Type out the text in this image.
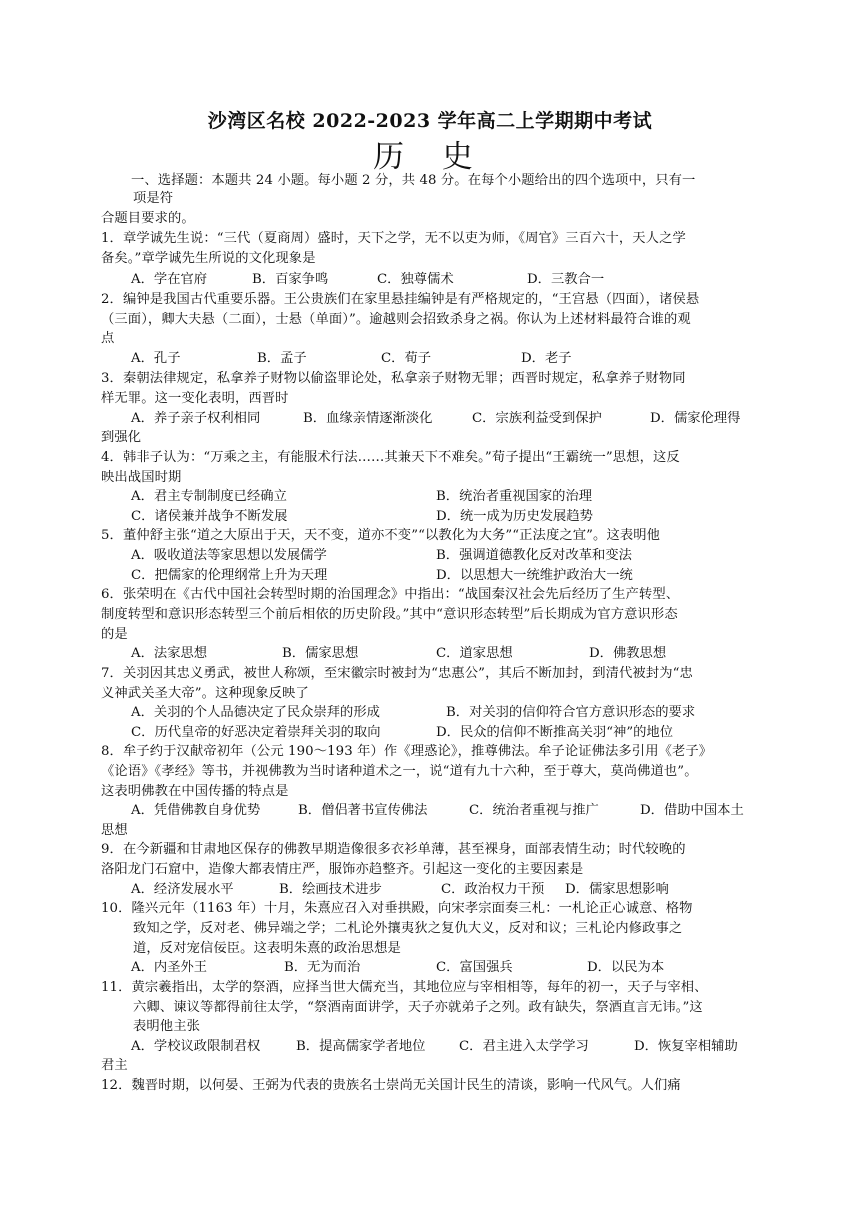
沙湾区名校 2022-2023 学年高二上学期期中考试
历 史
一、选择题：本题共 24 小题。每小题 2 分，共 48 分。在每个小题给出的四个选项中，只有一
项是符
合题目要求的。
1．章学诚先生说：“三代（夏商周）盛时，天下之学，无不以吏为师，《周官》三百六十，天人之学
备矣。”章学诚先生所说的文化现象是
A．学在官府	B．百家争鸣	C．独尊儒术	D．三教合一
2．编钟是我国古代重要乐器。王公贵族们在家里悬挂编钟是有严格规定的，“王宫悬（四面），诸侯悬
（三面），卿大夫悬（二面），士悬（单面）”。逾越则会招致杀身之祸。你认为上述材料最符合谁的观
点
A．孔子	B．孟子	C．荀子	D．老子
3．秦朝法律规定，私拿养子财物以偷盗罪论处，私拿亲子财物无罪；西晋时规定，私拿养子财物同
样无罪。这一变化表明，西晋时
A．养子亲子权利相同	B．血缘亲情逐渐淡化	C．宗族利益受到保护	D．儒家伦理得
到强化
4．韩非子认为：“万乘之主，有能服术行法……其兼天下不难矣。”荀子提出“王霸统一”思想，这反
映出战国时期
A．君主专制制度已经确立	B．统治者重视国家的治理
C．诸侯兼并战争不断发展	D．统一成为历史发展趋势
5．董仲舒主张“道之大原出于天，天不变，道亦不变”“以教化为大务”“正法度之宜”。这表明他
A．吸收道法等家思想以发展儒学	B．强调道德教化反对改革和变法
C．把儒家的伦理纲常上升为天理	D．以思想大一统维护政治大一统
6．张荣明在《古代中国社会转型时期的治国理念》中指出：“战国秦汉社会先后经历了生产转型、
制度转型和意识形态转型三个前后相依的历史阶段。”其中“意识形态转型”后长期成为官方意识形态
的是
A．法家思想	B．儒家思想	C．道家思想	D．佛教思想
7．关羽因其忠义勇武，被世人称颂，至宋徽宗时被封为“忠惠公”，其后不断加封，到清代被封为“忠
义神武关圣大帝”。这种现象反映了
A．关羽的个人品德决定了民众崇拜的形成	B．对关羽的信仰符合官方意识形态的要求
C．历代皇帝的好恶决定着崇拜关羽的取向	D．民众的信仰不断推高关羽“神”的地位
8．牟子约于汉献帝初年（公元 190～193 年）作《理惑论》，推尊佛法。牟子论证佛法多引用《老子》
《论语》《孝经》等书，并视佛教为当时诸种道术之一，说“道有九十六种，至于尊大，莫尚佛道也”。
这表明佛教在中国传播的特点是
A．凭借佛教自身优势	B．僧侣著书宣传佛法	C．统治者重视与推广	D．借助中国本土
思想
9．在今新疆和甘肃地区保存的佛教早期造像很多衣衫单薄，甚至裸身，面部表情生动；时代较晚的
洛阳龙门石窟中，造像大都表情庄严，服饰亦趋整齐。引起这一变化的主要因素是
A．经济发展水平	B．绘画技术进步	C．政治权力干预 D．儒家思想影响
10．隆兴元年（1163 年）十月，朱熹应召入对垂拱殿，向宋孝宗面奏三札：一札论正心诚意、格物
致知之学，反对老、佛异端之学；二札论外攘夷狄之复仇大义，反对和议；三札论内修政事之
道，反对宠信佞臣。这表明朱熹的政治思想是
A．内圣外王	B．无为而治	C．富国强兵	D．以民为本
11．黄宗羲指出，太学的祭酒，应择当世大儒充当，其地位应与宰相相等，每年的初一，天子与宰相、
六卿、谏议等都得前往太学，“祭酒南面讲学，天子亦就弟子之列。政有缺失，祭酒直言无讳。”这
表明他主张
A．学校议政限制君权	B．提高儒家学者地位	C．君主进入太学学习	D．恢复宰相辅助
君主
12．魏晋时期，以何晏、王弼为代表的贵族名士崇尚无关国计民生的清谈，影响一代风气。人们痛
